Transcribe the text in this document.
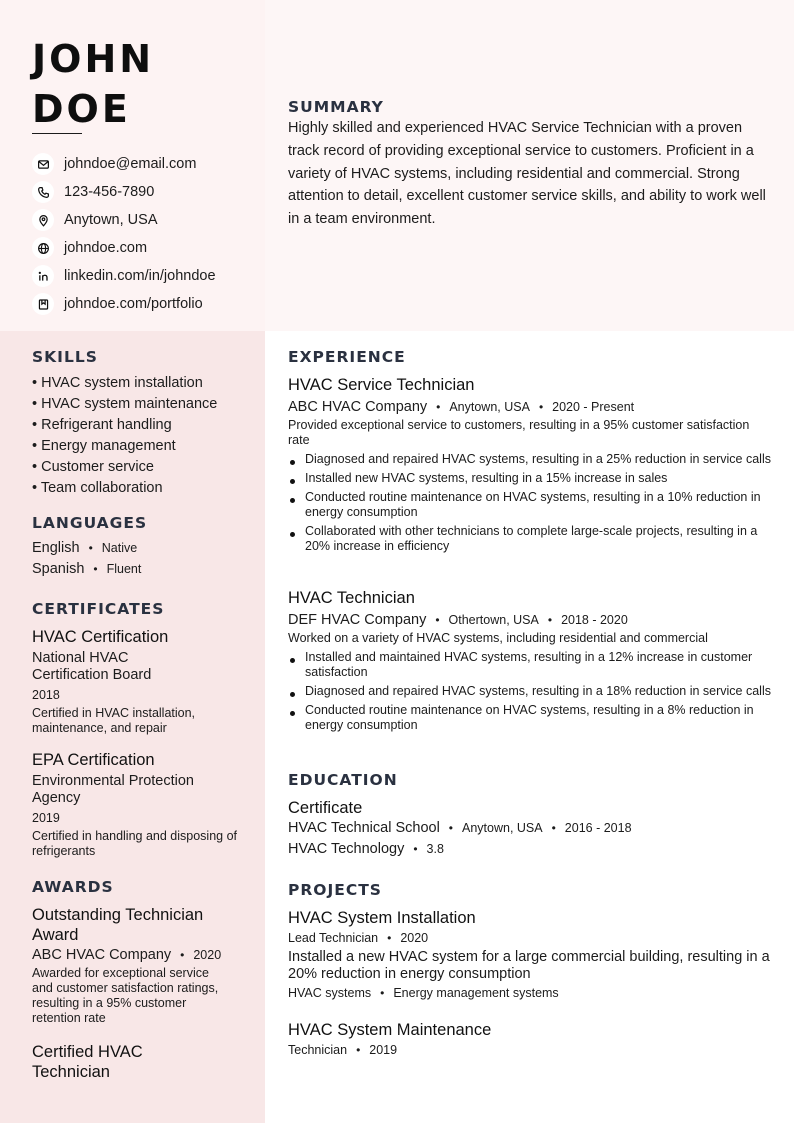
JOHN
DOE
johndoe@email.com
123-456-7890
Anytown, USA
johndoe.com
linkedin.com/in/johndoe
johndoe.com/portfolio
SUMMARY
Highly skilled and experienced HVAC Service Technician with a proven track record of providing exceptional service to customers. Proficient in a variety of HVAC systems, including residential and commercial. Strong attention to detail, excellent customer service skills, and ability to work well in a team environment.
SKILLS
• HVAC system installation
• HVAC system maintenance
• Refrigerant handling
• Energy management
• Customer service
• Team collaboration
LANGUAGES
English • Native
Spanish • Fluent
CERTIFICATES
HVAC Certification
National HVAC Certification Board
2018
Certified in HVAC installation, maintenance, and repair
EPA Certification
Environmental Protection Agency
2019
Certified in handling and disposing of refrigerants
AWARDS
Outstanding Technician Award
ABC HVAC Company • 2020
Awarded for exceptional service and customer satisfaction ratings, resulting in a 95% customer retention rate
Certified HVAC Technician
EXPERIENCE
HVAC Service Technician
ABC HVAC Company • Anytown, USA • 2020 - Present
Provided exceptional service to customers, resulting in a 95% customer satisfaction rate
Diagnosed and repaired HVAC systems, resulting in a 25% reduction in service calls
Installed new HVAC systems, resulting in a 15% increase in sales
Conducted routine maintenance on HVAC systems, resulting in a 10% reduction in energy consumption
Collaborated with other technicians to complete large-scale projects, resulting in a 20% increase in efficiency
HVAC Technician
DEF HVAC Company • Othertown, USA • 2018 - 2020
Worked on a variety of HVAC systems, including residential and commercial
Installed and maintained HVAC systems, resulting in a 12% increase in customer satisfaction
Diagnosed and repaired HVAC systems, resulting in a 18% reduction in service calls
Conducted routine maintenance on HVAC systems, resulting in a 8% reduction in energy consumption
EDUCATION
Certificate
HVAC Technical School • Anytown, USA • 2016 - 2018
HVAC Technology • 3.8
PROJECTS
HVAC System Installation
Lead Technician • 2020
Installed a new HVAC system for a large commercial building, resulting in a 20% reduction in energy consumption
HVAC systems • Energy management systems
HVAC System Maintenance
Technician • 2019
